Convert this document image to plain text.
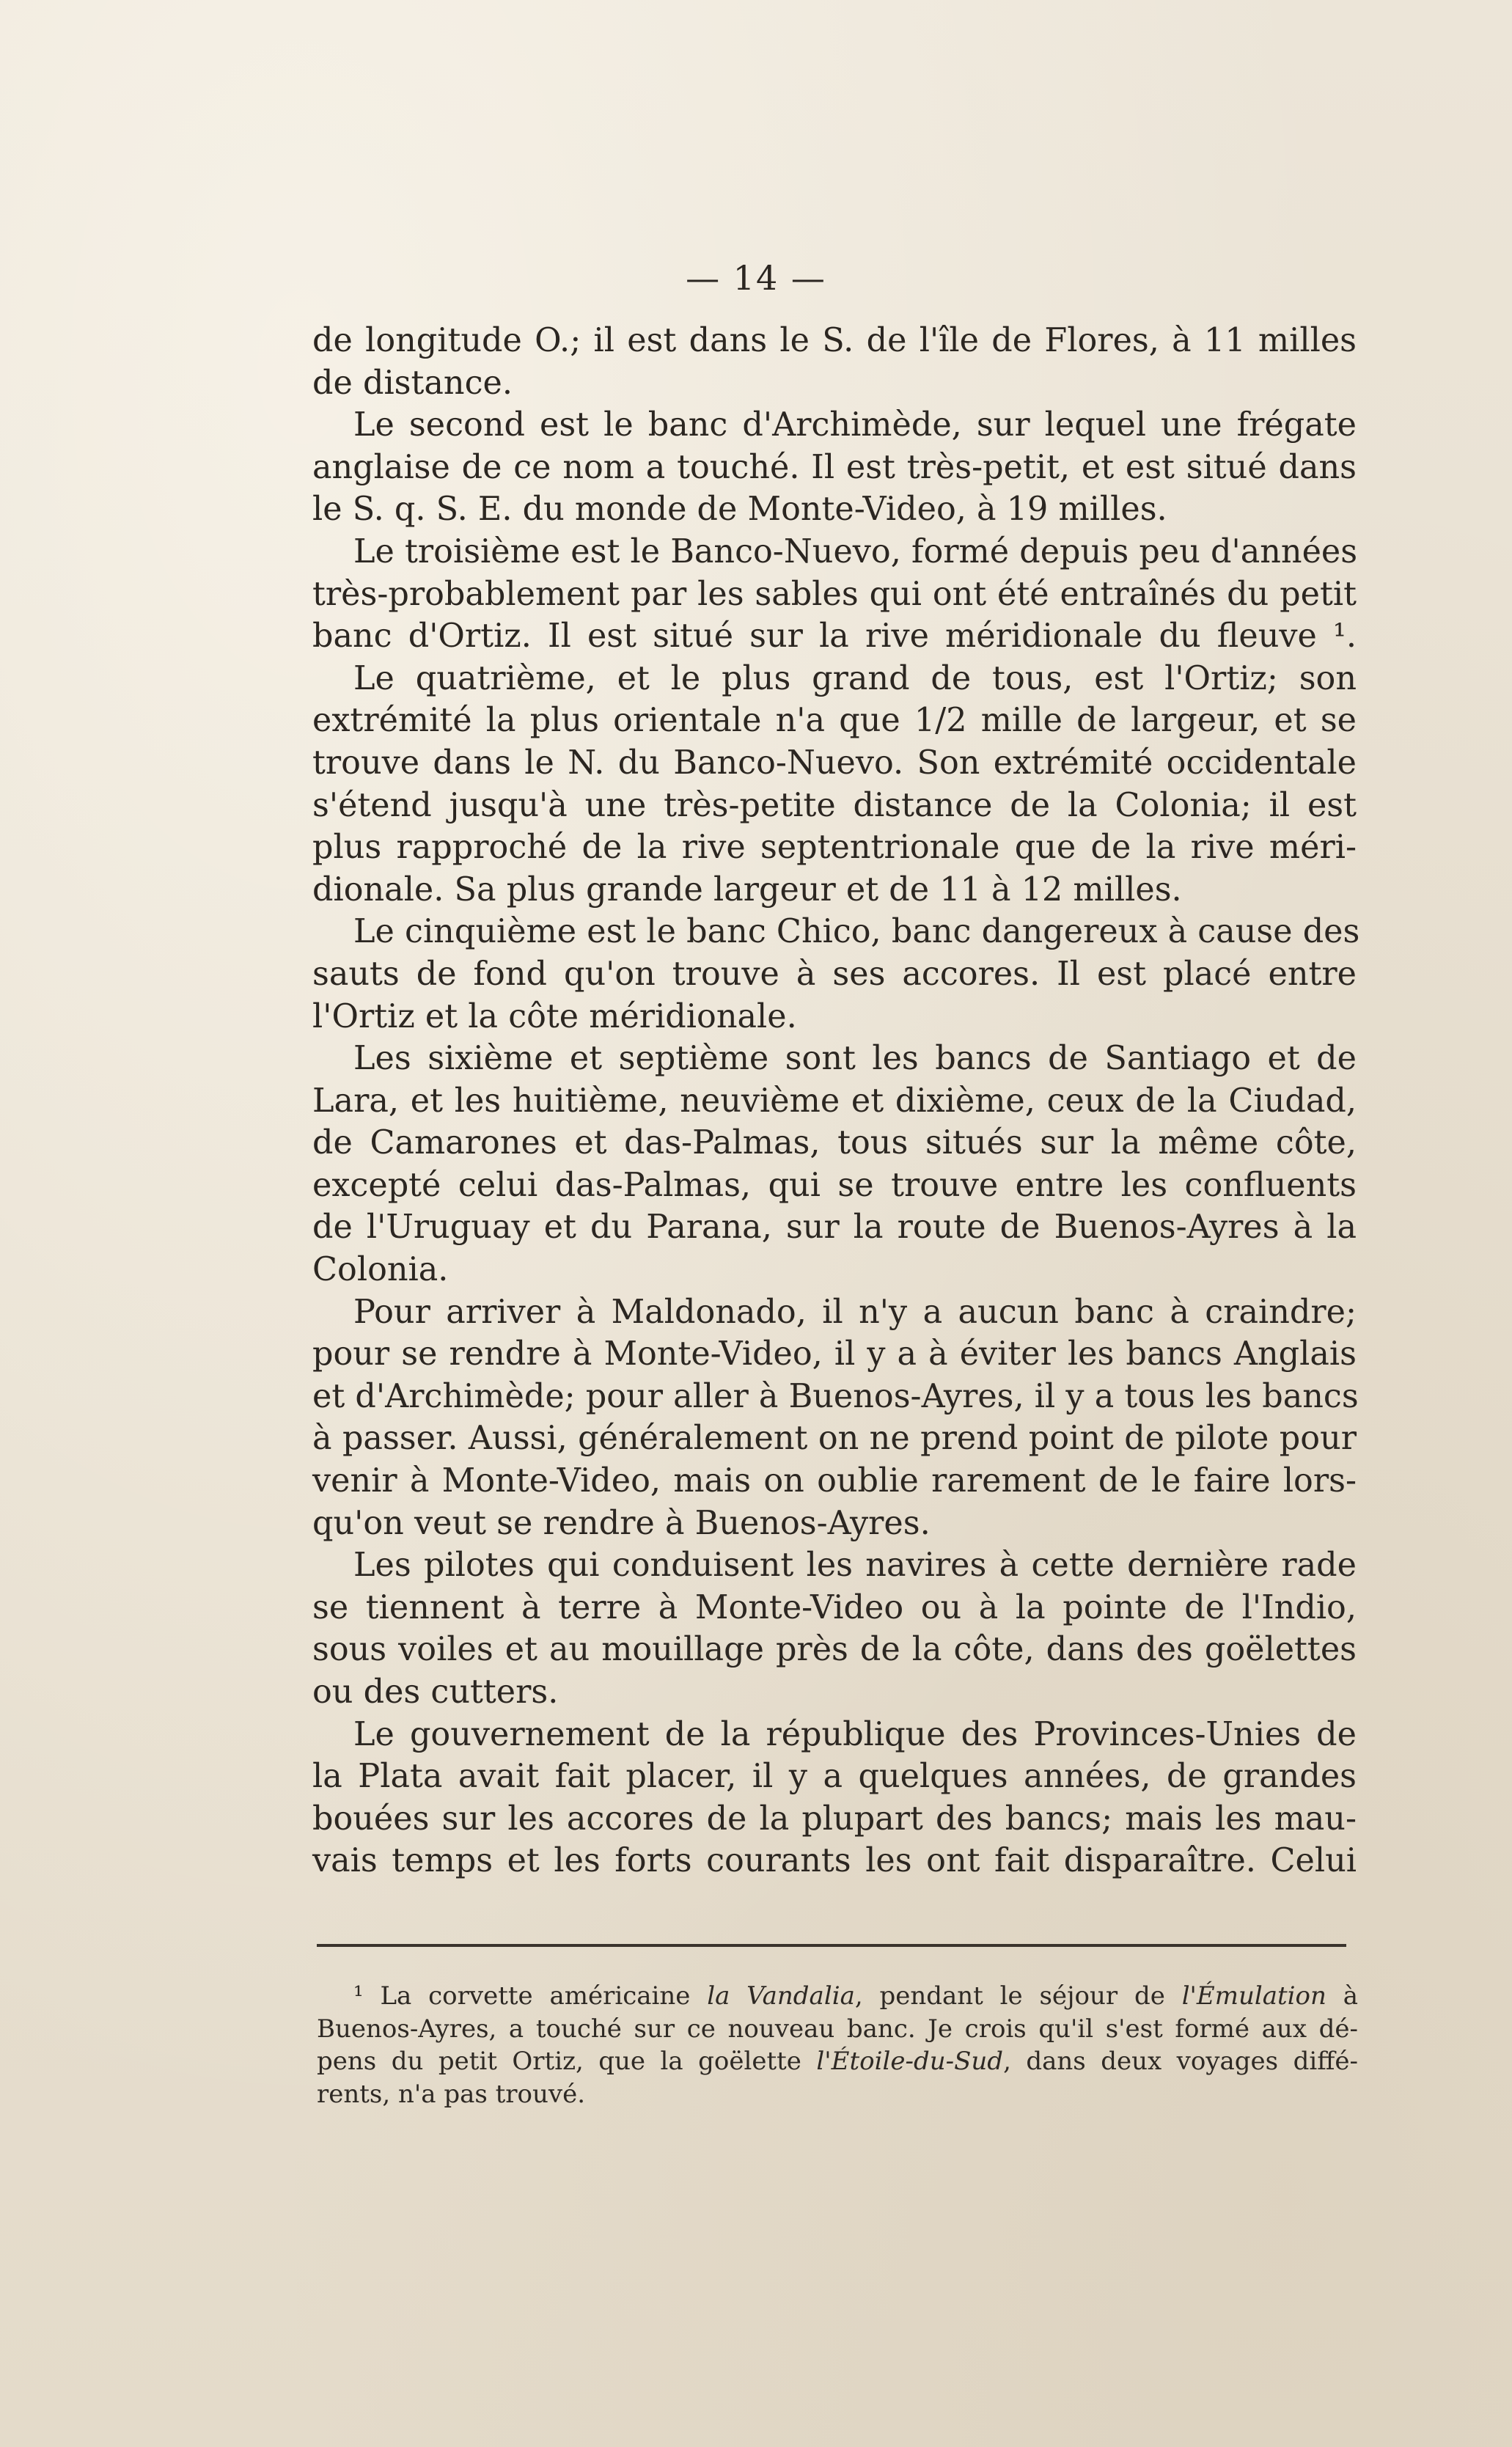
— 14 —
de longitude O.; il est dans le S. de l'île de Flores, à 11 milles
de distance.
Le second est le banc d'Archimède, sur lequel une frégate
anglaise de ce nom a touché. Il est très-petit, et est situé dans
le S. q. S. E. du monde de Monte-Video, à 19 milles.
Le troisième est le Banco-Nuevo, formé depuis peu d'années
très-probablement par les sables qui ont été entraînés du petit
banc d'Ortiz. Il est situé sur la rive méridionale du fleuve ¹.
Le quatrième, et le plus grand de tous, est l'Ortiz; son
extrémité la plus orientale n'a que 1/2 mille de largeur, et se
trouve dans le N. du Banco-Nuevo. Son extrémité occidentale
s'étend jusqu'à une très-petite distance de la Colonia; il est
plus rapproché de la rive septentrionale que de la rive méri-
dionale. Sa plus grande largeur et de 11 à 12 milles.
Le cinquième est le banc Chico, banc dangereux à cause des
sauts de fond qu'on trouve à ses accores. Il est placé entre
l'Ortiz et la côte méridionale.
Les sixième et septième sont les bancs de Santiago et de
Lara, et les huitième, neuvième et dixième, ceux de la Ciudad,
de Camarones et das-Palmas, tous situés sur la même côte,
excepté celui das-Palmas, qui se trouve entre les confluents
de l'Uruguay et du Parana, sur la route de Buenos-Ayres à la
Colonia.
Pour arriver à Maldonado, il n'y a aucun banc à craindre;
pour se rendre à Monte-Video, il y a à éviter les bancs Anglais
et d'Archimède; pour aller à Buenos-Ayres, il y a tous les bancs
à passer. Aussi, généralement on ne prend point de pilote pour
venir à Monte-Video, mais on oublie rarement de le faire lors-
qu'on veut se rendre à Buenos-Ayres.
Les pilotes qui conduisent les navires à cette dernière rade
se tiennent à terre à Monte-Video ou à la pointe de l'Indio,
sous voiles et au mouillage près de la côte, dans des goëlettes
ou des cutters.
Le gouvernement de la république des Provinces-Unies de
la Plata avait fait placer, il y a quelques années, de grandes
bouées sur les accores de la plupart des bancs; mais les mau-
vais temps et les forts courants les ont fait disparaître. Celui
¹ La corvette américaine la Vandalia, pendant le séjour de l'Émulation à
Buenos-Ayres, a touché sur ce nouveau banc. Je crois qu'il s'est formé aux dé-
pens du petit Ortiz, que la goëlette l'Étoile-du-Sud, dans deux voyages diffé-
rents, n'a pas trouvé.
